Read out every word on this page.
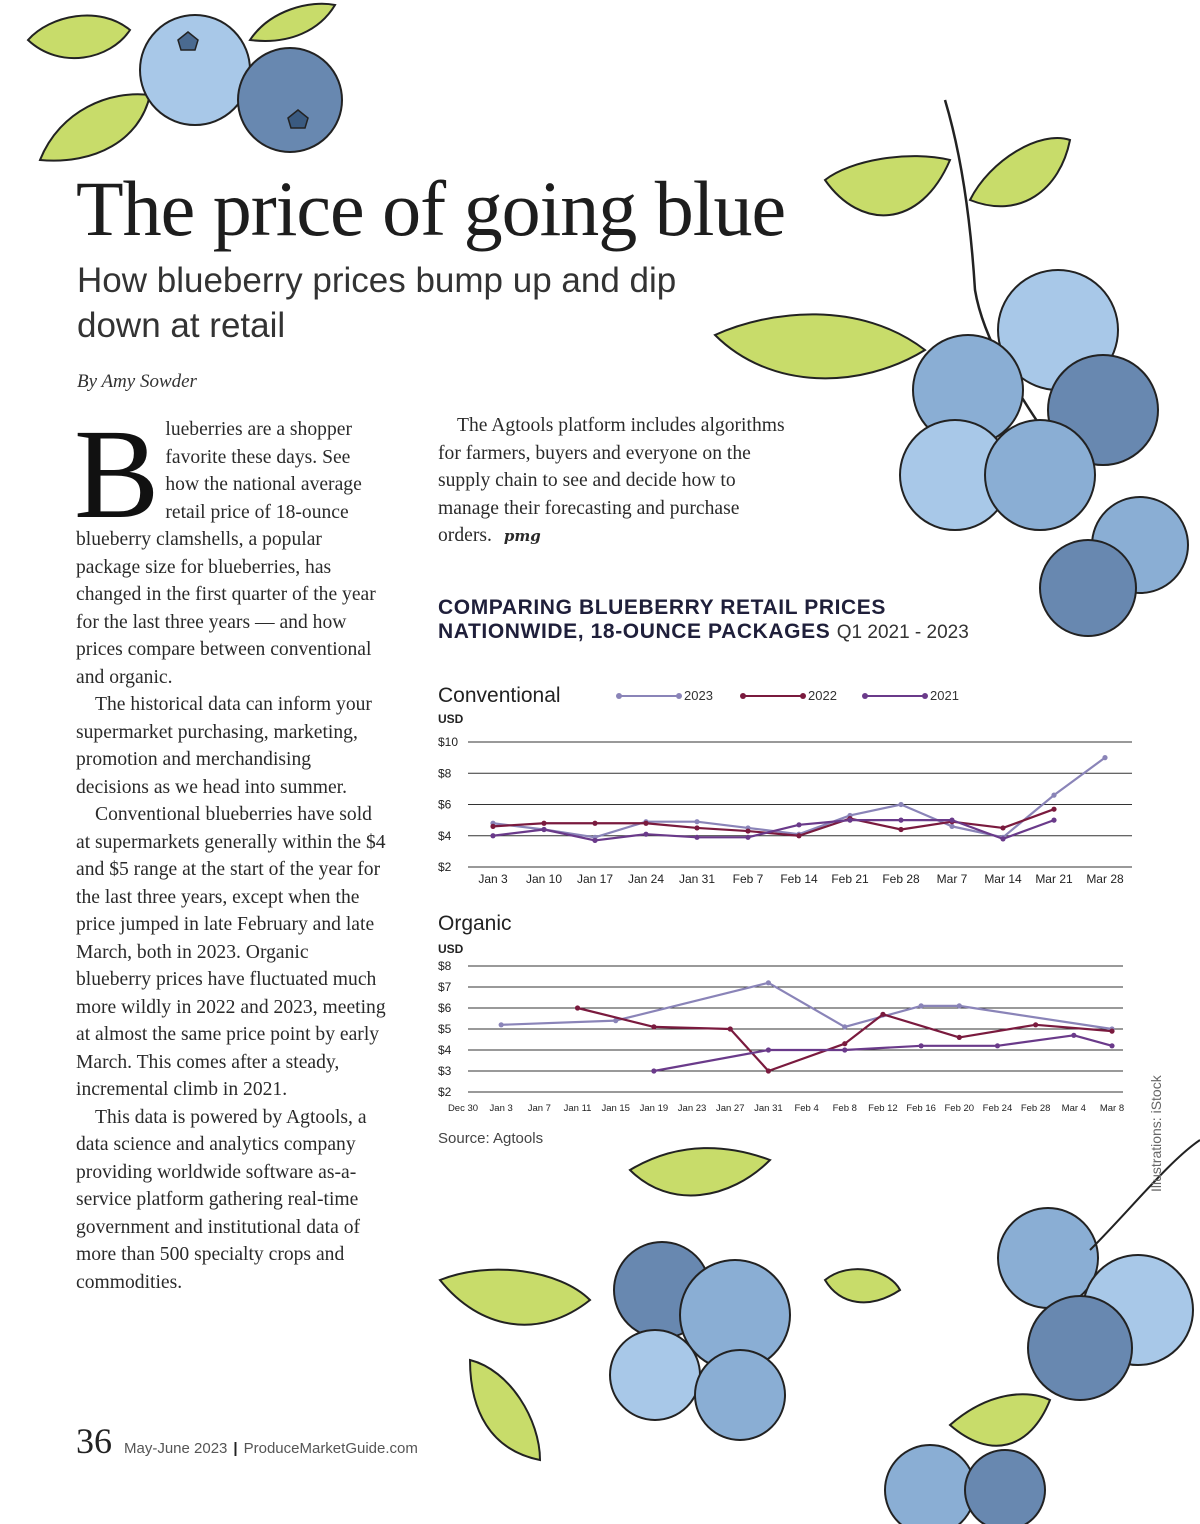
The price of going blue
How blueberry prices bump up and dip down at retail
By Amy Sowder

Blueberries are a shopper favorite these days. See how the national average retail price of 18-ounce blueberry clamshells, a popular package size for blueberries, has changed in the first quarter of the year for the last three years — and how prices compare between conventional and organic.

The historical data can inform your supermarket purchasing, marketing, promotion and merchandising decisions as we head into summer.

Conventional blueberries have sold at supermarkets generally within the $4 and $5 range at the start of the year for the last three years, except when the price jumped in late February and late March, both in 2023. Organic blueberry prices have fluctuated much more wildly in 2022 and 2023, meeting at almost the same price point by early March. This comes after a steady, incremental climb in 2021.

This data is powered by Agtools, a data science and analytics company providing worldwide software as-a-service platform gathering real-time government and institutional data of more than 500 specialty crops and commodities.

The Agtools platform includes algorithms for farmers, buyers and everyone on the supply chain to see and decide how to manage their forecasting and purchase orders. pmg

COMPARING BLUEBERRY RETAIL PRICES
NATIONWIDE, 18-OUNCE PACKAGES Q1 2021 - 2023
Conventional	2023	2022	2021
USD
$2
$4
$6
$8
$10
Jan 3 Jan 10 Jan 17 Jan 24 Jan 31 Feb 7 Feb 14 Feb 21 Feb 28 Mar 7 Mar 14 Mar 21 Mar 28
Organic
USD
$2
$3
$4
$5
$6
$7
$8
Dec 30 Jan 3 Jan 7 Jan 11 Jan 15 Jan 19 Jan 23 Jan 27 Jan 31 Feb 4 Feb 8 Feb 12 Feb 16 Feb 20 Feb 24 Feb 28 Mar 4 Mar 8
Source: Agtools	Illustrations: iStock
36 May-June 2023 | ProduceMarketGuide.com
